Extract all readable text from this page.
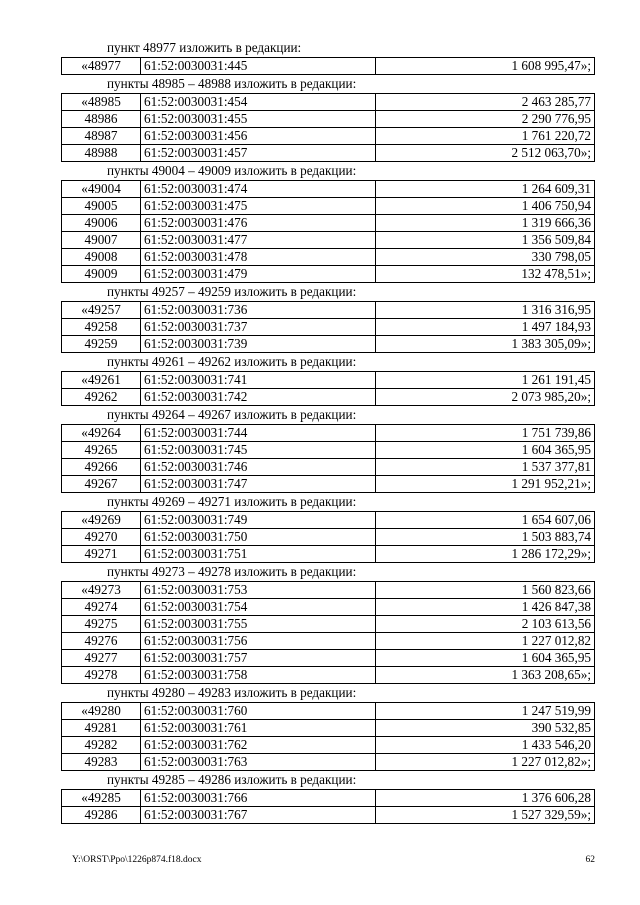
пункт 48977 изложить в редакции:
«48977	61:52:0030031:445	1 608 995,47»;
пункты 48985 – 48988 изложить в редакции:
«48985	61:52:0030031:454	2 463 285,77
48986	61:52:0030031:455	2 290 776,95
48987	61:52:0030031:456	1 761 220,72
48988	61:52:0030031:457	2 512 063,70»;
пункты 49004 – 49009 изложить в редакции:
«49004	61:52:0030031:474	1 264 609,31
49005	61:52:0030031:475	1 406 750,94
49006	61:52:0030031:476	1 319 666,36
49007	61:52:0030031:477	1 356 509,84
49008	61:52:0030031:478	330 798,05
49009	61:52:0030031:479	132 478,51»;
пункты 49257 – 49259 изложить в редакции:
«49257	61:52:0030031:736	1 316 316,95
49258	61:52:0030031:737	1 497 184,93
49259	61:52:0030031:739	1 383 305,09»;
пункты 49261 – 49262 изложить в редакции:
«49261	61:52:0030031:741	1 261 191,45
49262	61:52:0030031:742	2 073 985,20»;
пункты 49264 – 49267 изложить в редакции:
«49264	61:52:0030031:744	1 751 739,86
49265	61:52:0030031:745	1 604 365,95
49266	61:52:0030031:746	1 537 377,81
49267	61:52:0030031:747	1 291 952,21»;
пункты 49269 – 49271 изложить в редакции:
«49269	61:52:0030031:749	1 654 607,06
49270	61:52:0030031:750	1 503 883,74
49271	61:52:0030031:751	1 286 172,29»;
пункты 49273 – 49278 изложить в редакции:
«49273	61:52:0030031:753	1 560 823,66
49274	61:52:0030031:754	1 426 847,38
49275	61:52:0030031:755	2 103 613,56
49276	61:52:0030031:756	1 227 012,82
49277	61:52:0030031:757	1 604 365,95
49278	61:52:0030031:758	1 363 208,65»;
пункты 49280 – 49283 изложить в редакции:
«49280	61:52:0030031:760	1 247 519,99
49281	61:52:0030031:761	390 532,85
49282	61:52:0030031:762	1 433 546,20
49283	61:52:0030031:763	1 227 012,82»;
пункты 49285 – 49286 изложить в редакции:
«49285	61:52:0030031:766	1 376 606,28
49286	61:52:0030031:767	1 527 329,59»;
Y:\ORST\Ppo\1226p874.f18.docx	62
